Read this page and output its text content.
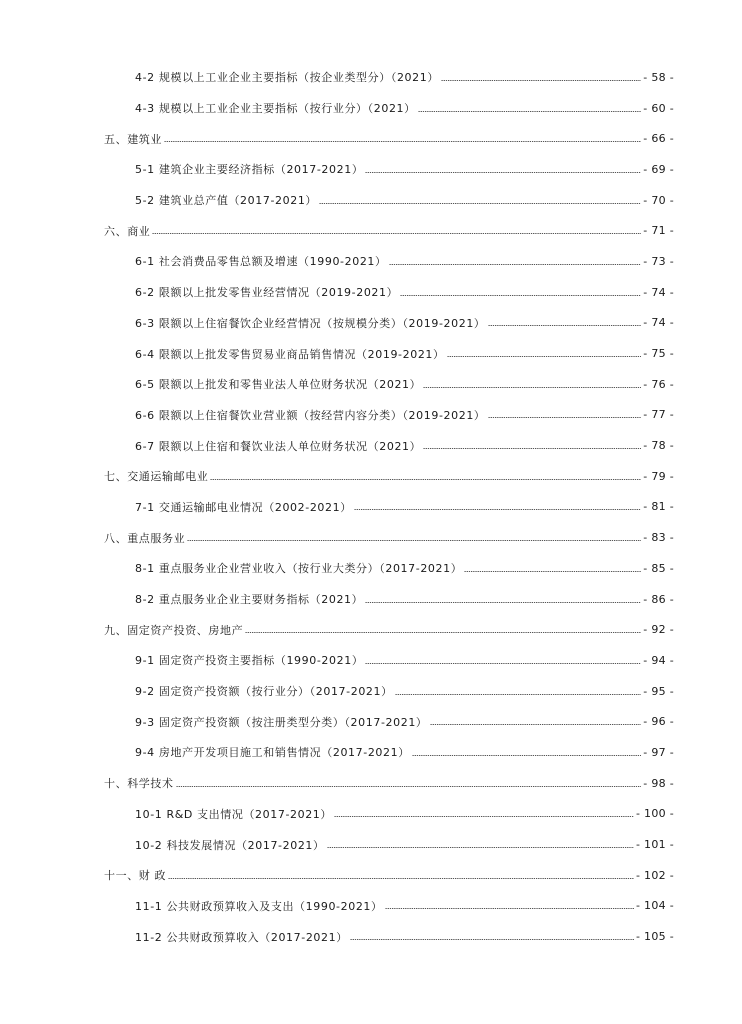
4-2 规模以上工业企业主要指标（按企业类型分）（2021）	- 58 -
4-3 规模以上工业企业主要指标（按行业分）（2021）	- 60 -
五、建筑业	- 66 -
5-1 建筑企业主要经济指标（2017-2021）	- 69 -
5-2 建筑业总产值（2017-2021）	- 70 -
六、商业	- 71 -
6-1 社会消费品零售总额及增速（1990-2021）	- 73 -
6-2 限额以上批发零售业经营情况（2019-2021）	- 74 -
6-3 限额以上住宿餐饮企业经营情况（按规模分类）（2019-2021）	- 74 -
6-4 限额以上批发零售贸易业商品销售情况（2019-2021）	- 75 -
6-5 限额以上批发和零售业法人单位财务状况（2021）	- 76 -
6-6 限额以上住宿餐饮业营业额（按经营内容分类）（2019-2021）	- 77 -
6-7 限额以上住宿和餐饮业法人单位财务状况（2021）	- 78 -
七、交通运输邮电业	- 79 -
7-1 交通运输邮电业情况（2002-2021）	- 81 -
八、重点服务业	- 83 -
8-1 重点服务业企业营业收入（按行业大类分）（2017-2021）	- 85 -
8-2 重点服务业企业主要财务指标（2021）	- 86 -
九、固定资产投资、房地产	- 92 -
9-1 固定资产投资主要指标（1990-2021）	- 94 -
9-2 固定资产投资额（按行业分）（2017-2021）	- 95 -
9-3 固定资产投资额（按注册类型分类）（2017-2021）	- 96 -
9-4 房地产开发项目施工和销售情况（2017-2021）	- 97 -
十、科学技术	- 98 -
10-1 R&D 支出情况（2017-2021）	- 100 -
10-2 科技发展情况（2017-2021）	- 101 -
十一、财 政	- 102 -
11-1 公共财政预算收入及支出（1990-2021）	- 104 -
11-2 公共财政预算收入（2017-2021）	- 105 -
